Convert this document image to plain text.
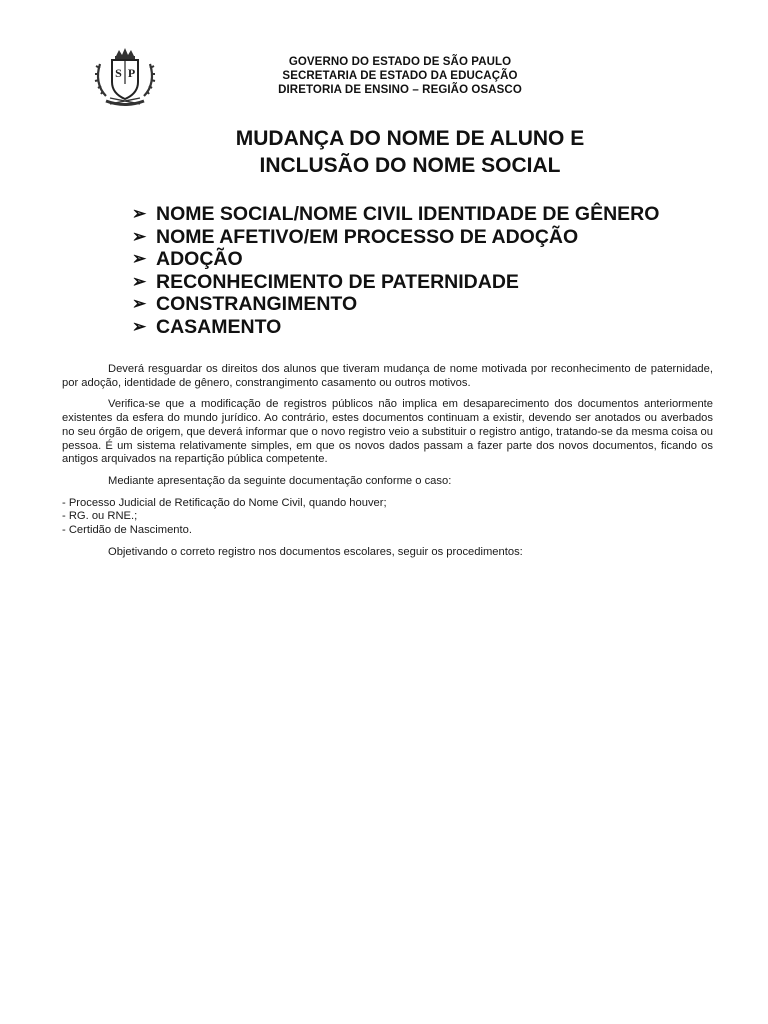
S P
GOVERNO DO ESTADO DE SÃO PAULO
SECRETARIA DE ESTADO DA EDUCAÇÃO
DIRETORIA DE ENSINO – REGIÃO OSASCO
MUDANÇA DO NOME DE ALUNO E
INCLUSÃO DO NOME SOCIAL
➢ NOME SOCIAL/NOME CIVIL IDENTIDADE DE GÊNERO
➢ NOME AFETIVO/EM PROCESSO DE ADOÇÃO
➢ ADOÇÃO
➢ RECONHECIMENTO DE PATERNIDADE
➢ CONSTRANGIMENTO
➢ CASAMENTO

Deverá resguardar os direitos dos alunos que tiveram mudança de nome motivada por reconhecimento de paternidade, por adoção, identidade de gênero, constrangimento casamento ou outros motivos.

Verifica-se que a modificação de registros públicos não implica em desaparecimento dos documentos anteriormente existentes da esfera do mundo jurídico. Ao contrário, estes documentos continuam a existir, devendo ser anotados ou averbados no seu órgão de origem, que deverá informar que o novo registro veio a substituir o registro antigo, tratando-se da mesma coisa ou pessoa. É um sistema relativamente simples, em que os novos dados passam a fazer parte dos novos documentos, ficando os antigos arquivados na repartição pública competente.

Mediante apresentação da seguinte documentação conforme o caso:

- Processo Judicial de Retificação do Nome Civil, quando houver;
- RG. ou RNE.;
- Certidão de Nascimento.

Objetivando o correto registro nos documentos escolares, seguir os procedimentos:
